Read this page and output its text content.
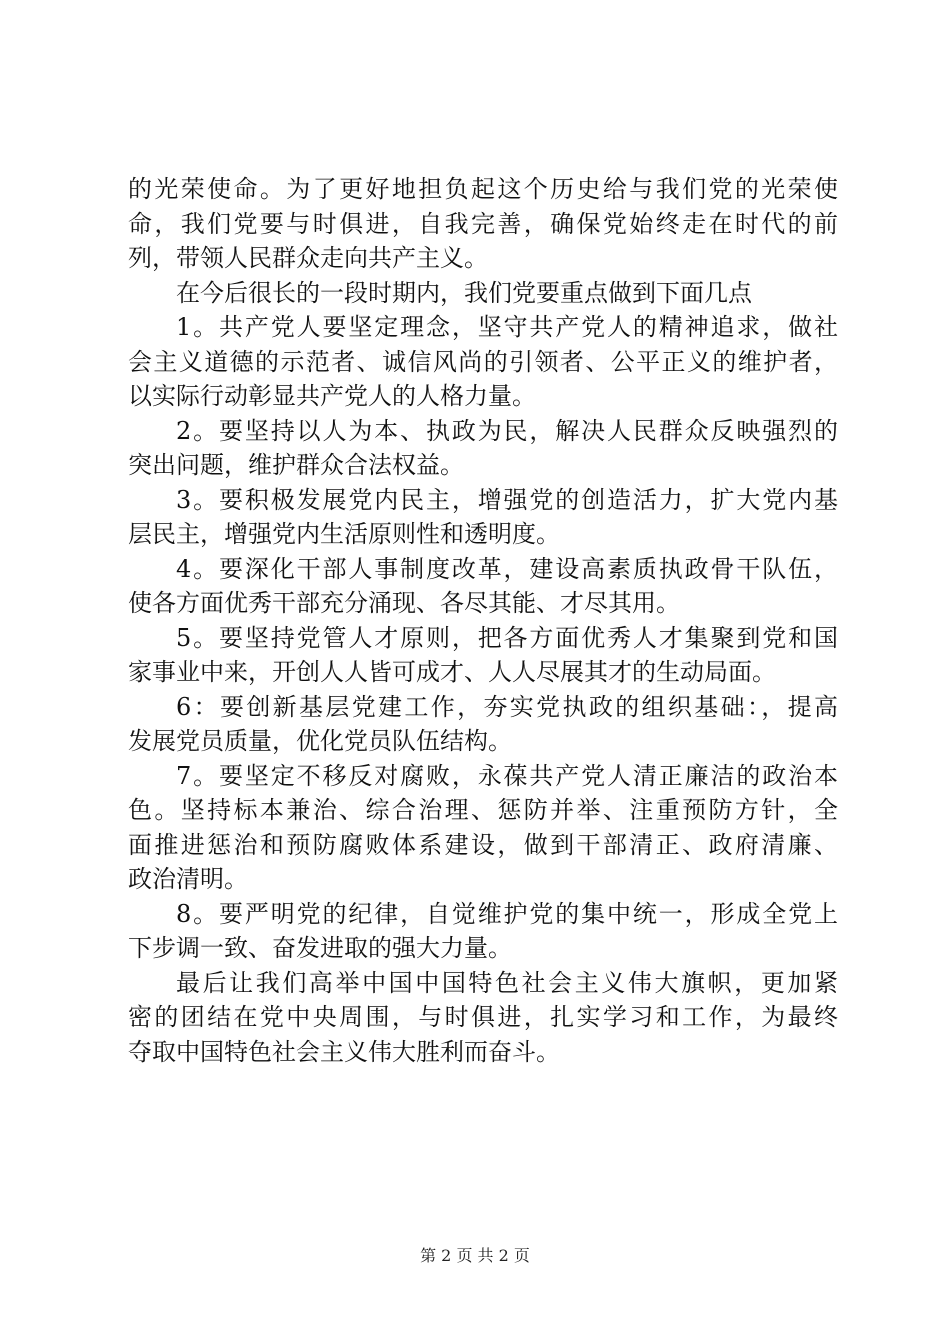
的光荣使命。为了更好地担负起这个历史给与我们党的光荣使
命，我们党要与时俱进，自我完善，确保党始终走在时代的前
列，带领人民群众走向共产主义。
在今后很长的一段时期内，我们党要重点做到下面几点
1。共产党人要坚定理念，坚守共产党人的精神追求，做社
会主义道德的示范者、诚信风尚的引领者、公平正义的维护者，
以实际行动彰显共产党人的人格力量。
2。要坚持以人为本、执政为民，解决人民群众反映强烈的
突出问题，维护群众合法权益。
3。要积极发展党内民主，增强党的创造活力，扩大党内基
层民主，增强党内生活原则性和透明度。
4。要深化干部人事制度改革，建设高素质执政骨干队伍，
使各方面优秀干部充分涌现、各尽其能、才尽其用。
5。要坚持党管人才原则，把各方面优秀人才集聚到党和国
家事业中来，开创人人皆可成才、人人尽展其才的生动局面。
6：要创新基层党建工作，夯实党执政的组织基础：，提高
发展党员质量，优化党员队伍结构。
7。要坚定不移反对腐败，永葆共产党人清正廉洁的政治本
色。坚持标本兼治、综合治理、惩防并举、注重预防方针，全
面推进惩治和预防腐败体系建设，做到干部清正、政府清廉、
政治清明。
8。要严明党的纪律，自觉维护党的集中统一，形成全党上
下步调一致、奋发进取的强大力量。
最后让我们高举中国中国特色社会主义伟大旗帜，更加紧
密的团结在党中央周围，与时俱进，扎实学习和工作，为最终
夺取中国特色社会主义伟大胜利而奋斗。
第 2 页 共 2 页
